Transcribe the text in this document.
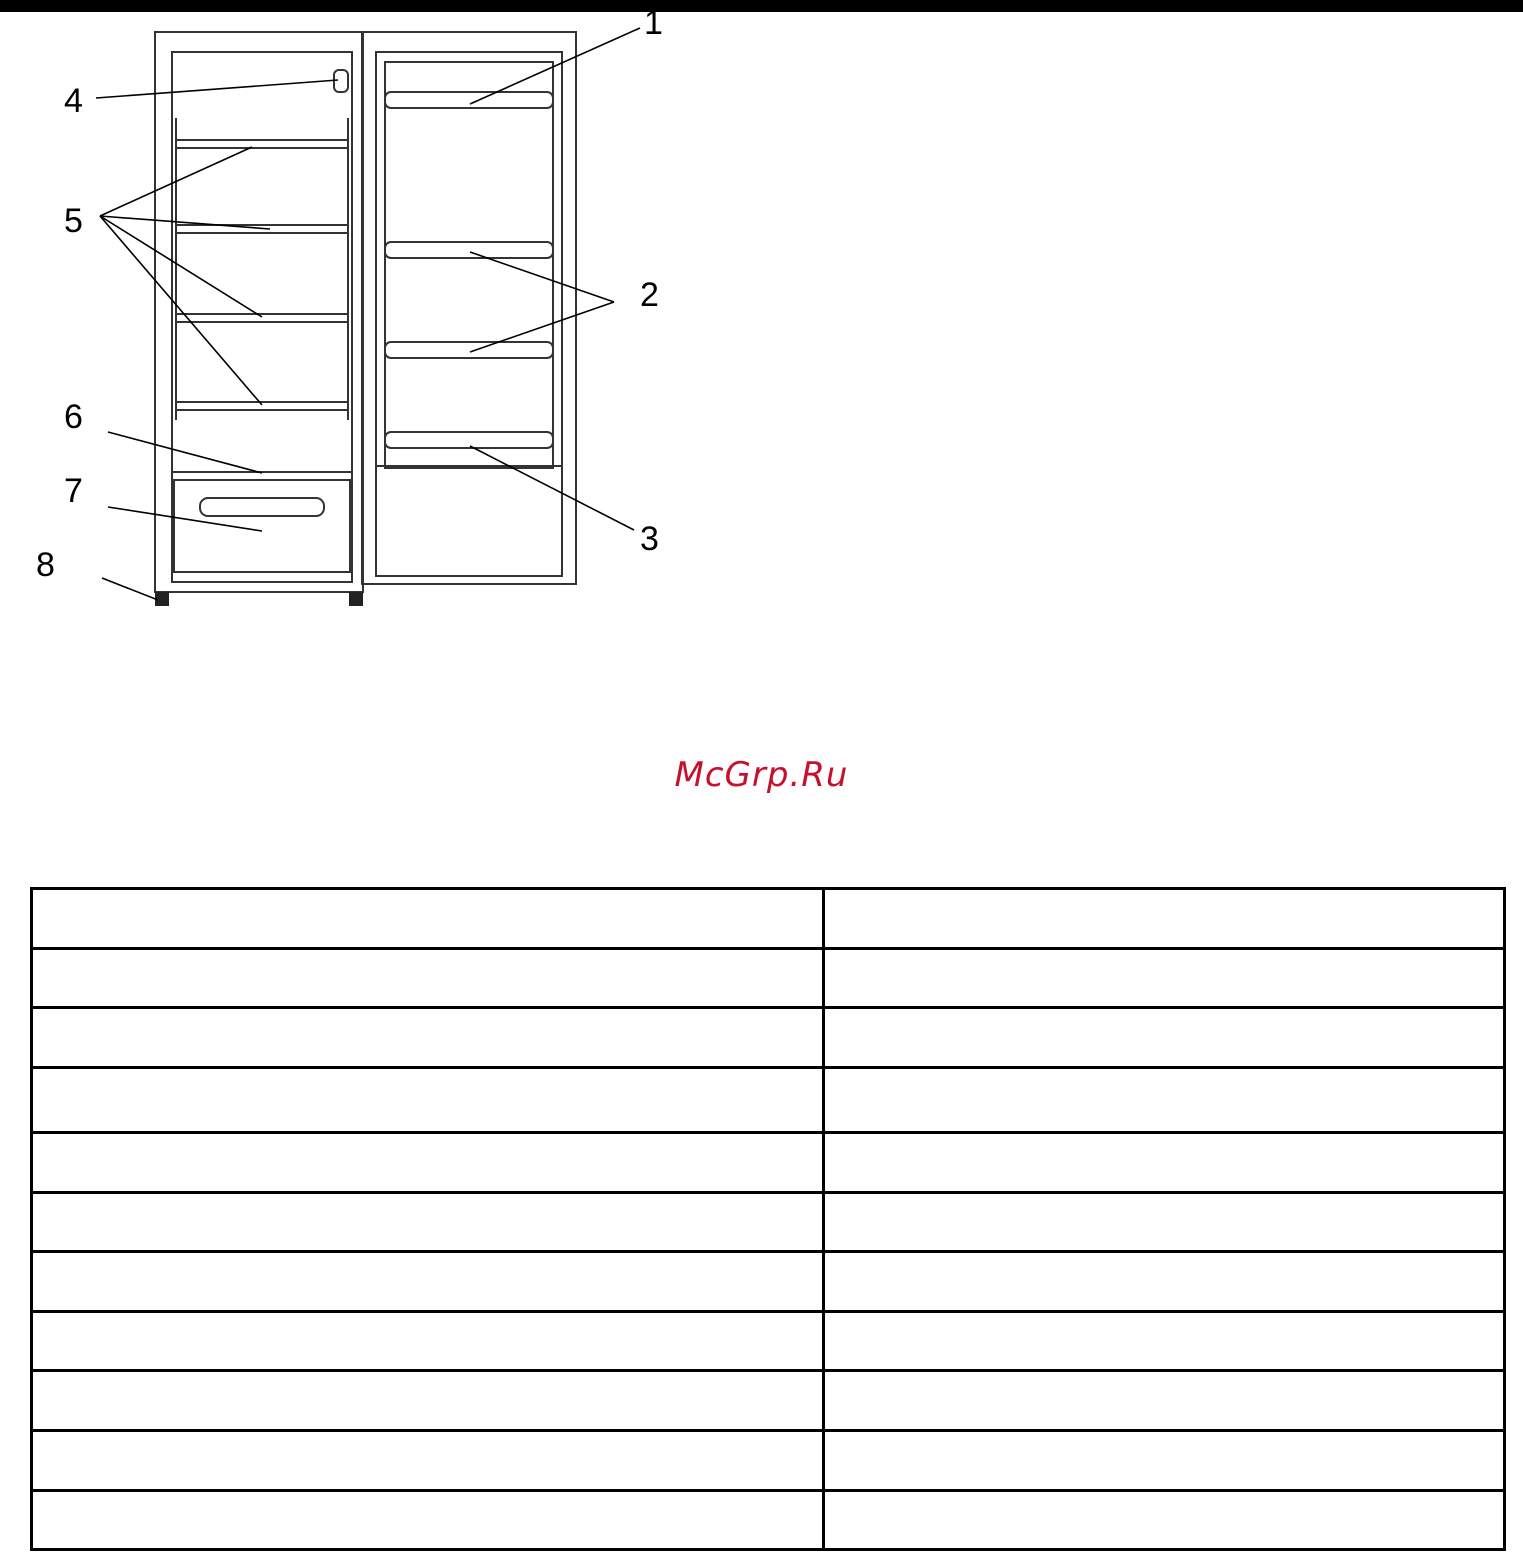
1
2
3
4
5
6
7
8
McGrp.Ru
